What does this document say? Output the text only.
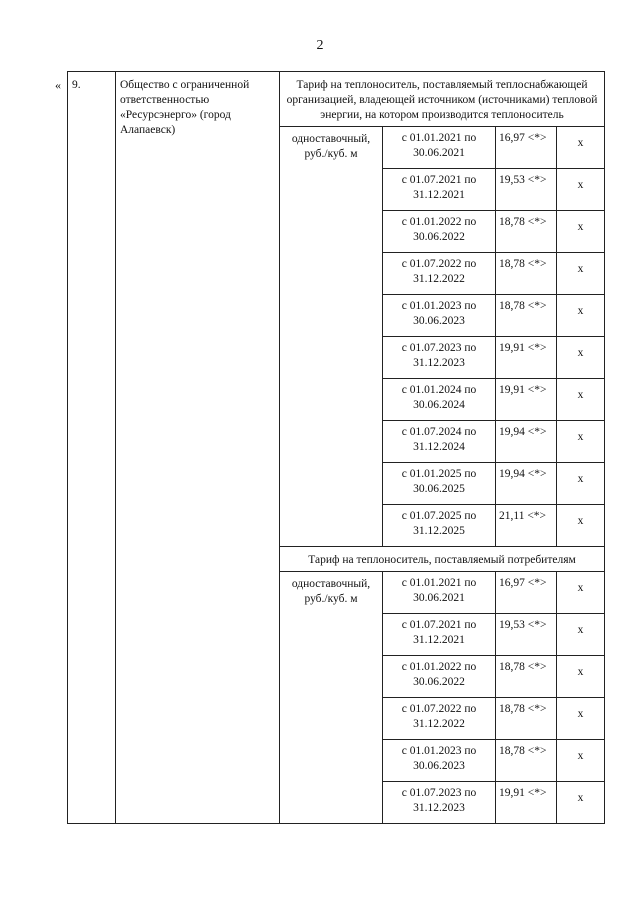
2
« 9.	Общество с ограниченной ответственностью «Ресурсэнерго» (город Алапаевск)	Тариф на теплоноситель, поставляемый теплоснабжающей организацией, владеющей источником (источниками) тепловой энергии, на котором производится теплоноситель			
		одноставочный, руб./куб. м	с 01.01.2021 по 30.06.2021	16,97 <*>	х
			с 01.07.2021 по 31.12.2021	19,53 <*>	х
			с 01.01.2022 по 30.06.2022	18,78 <*>	х
			с 01.07.2022 по 31.12.2022	18,78 <*>	х
			с 01.01.2023 по 30.06.2023	18,78 <*>	х
			с 01.07.2023 по 31.12.2023	19,91 <*>	х
			с 01.01.2024 по 30.06.2024	19,91 <*>	х
			с 01.07.2024 по 31.12.2024	19,94 <*>	х
			с 01.01.2025 по 30.06.2025	19,94 <*>	х
			с 01.07.2025 по 31.12.2025	21,11 <*>	х
		Тариф на теплоноситель, поставляемый потребителям			
		одноставочный, руб./куб. м	с 01.01.2021 по 30.06.2021	16,97 <*>	х
			с 01.07.2021 по 31.12.2021	19,53 <*>	х
			с 01.01.2022 по 30.06.2022	18,78 <*>	х
			с 01.07.2022 по 31.12.2022	18,78 <*>	х
			с 01.01.2023 по 30.06.2023	18,78 <*>	х
			с 01.07.2023 по 31.12.2023	19,91 <*>	х
